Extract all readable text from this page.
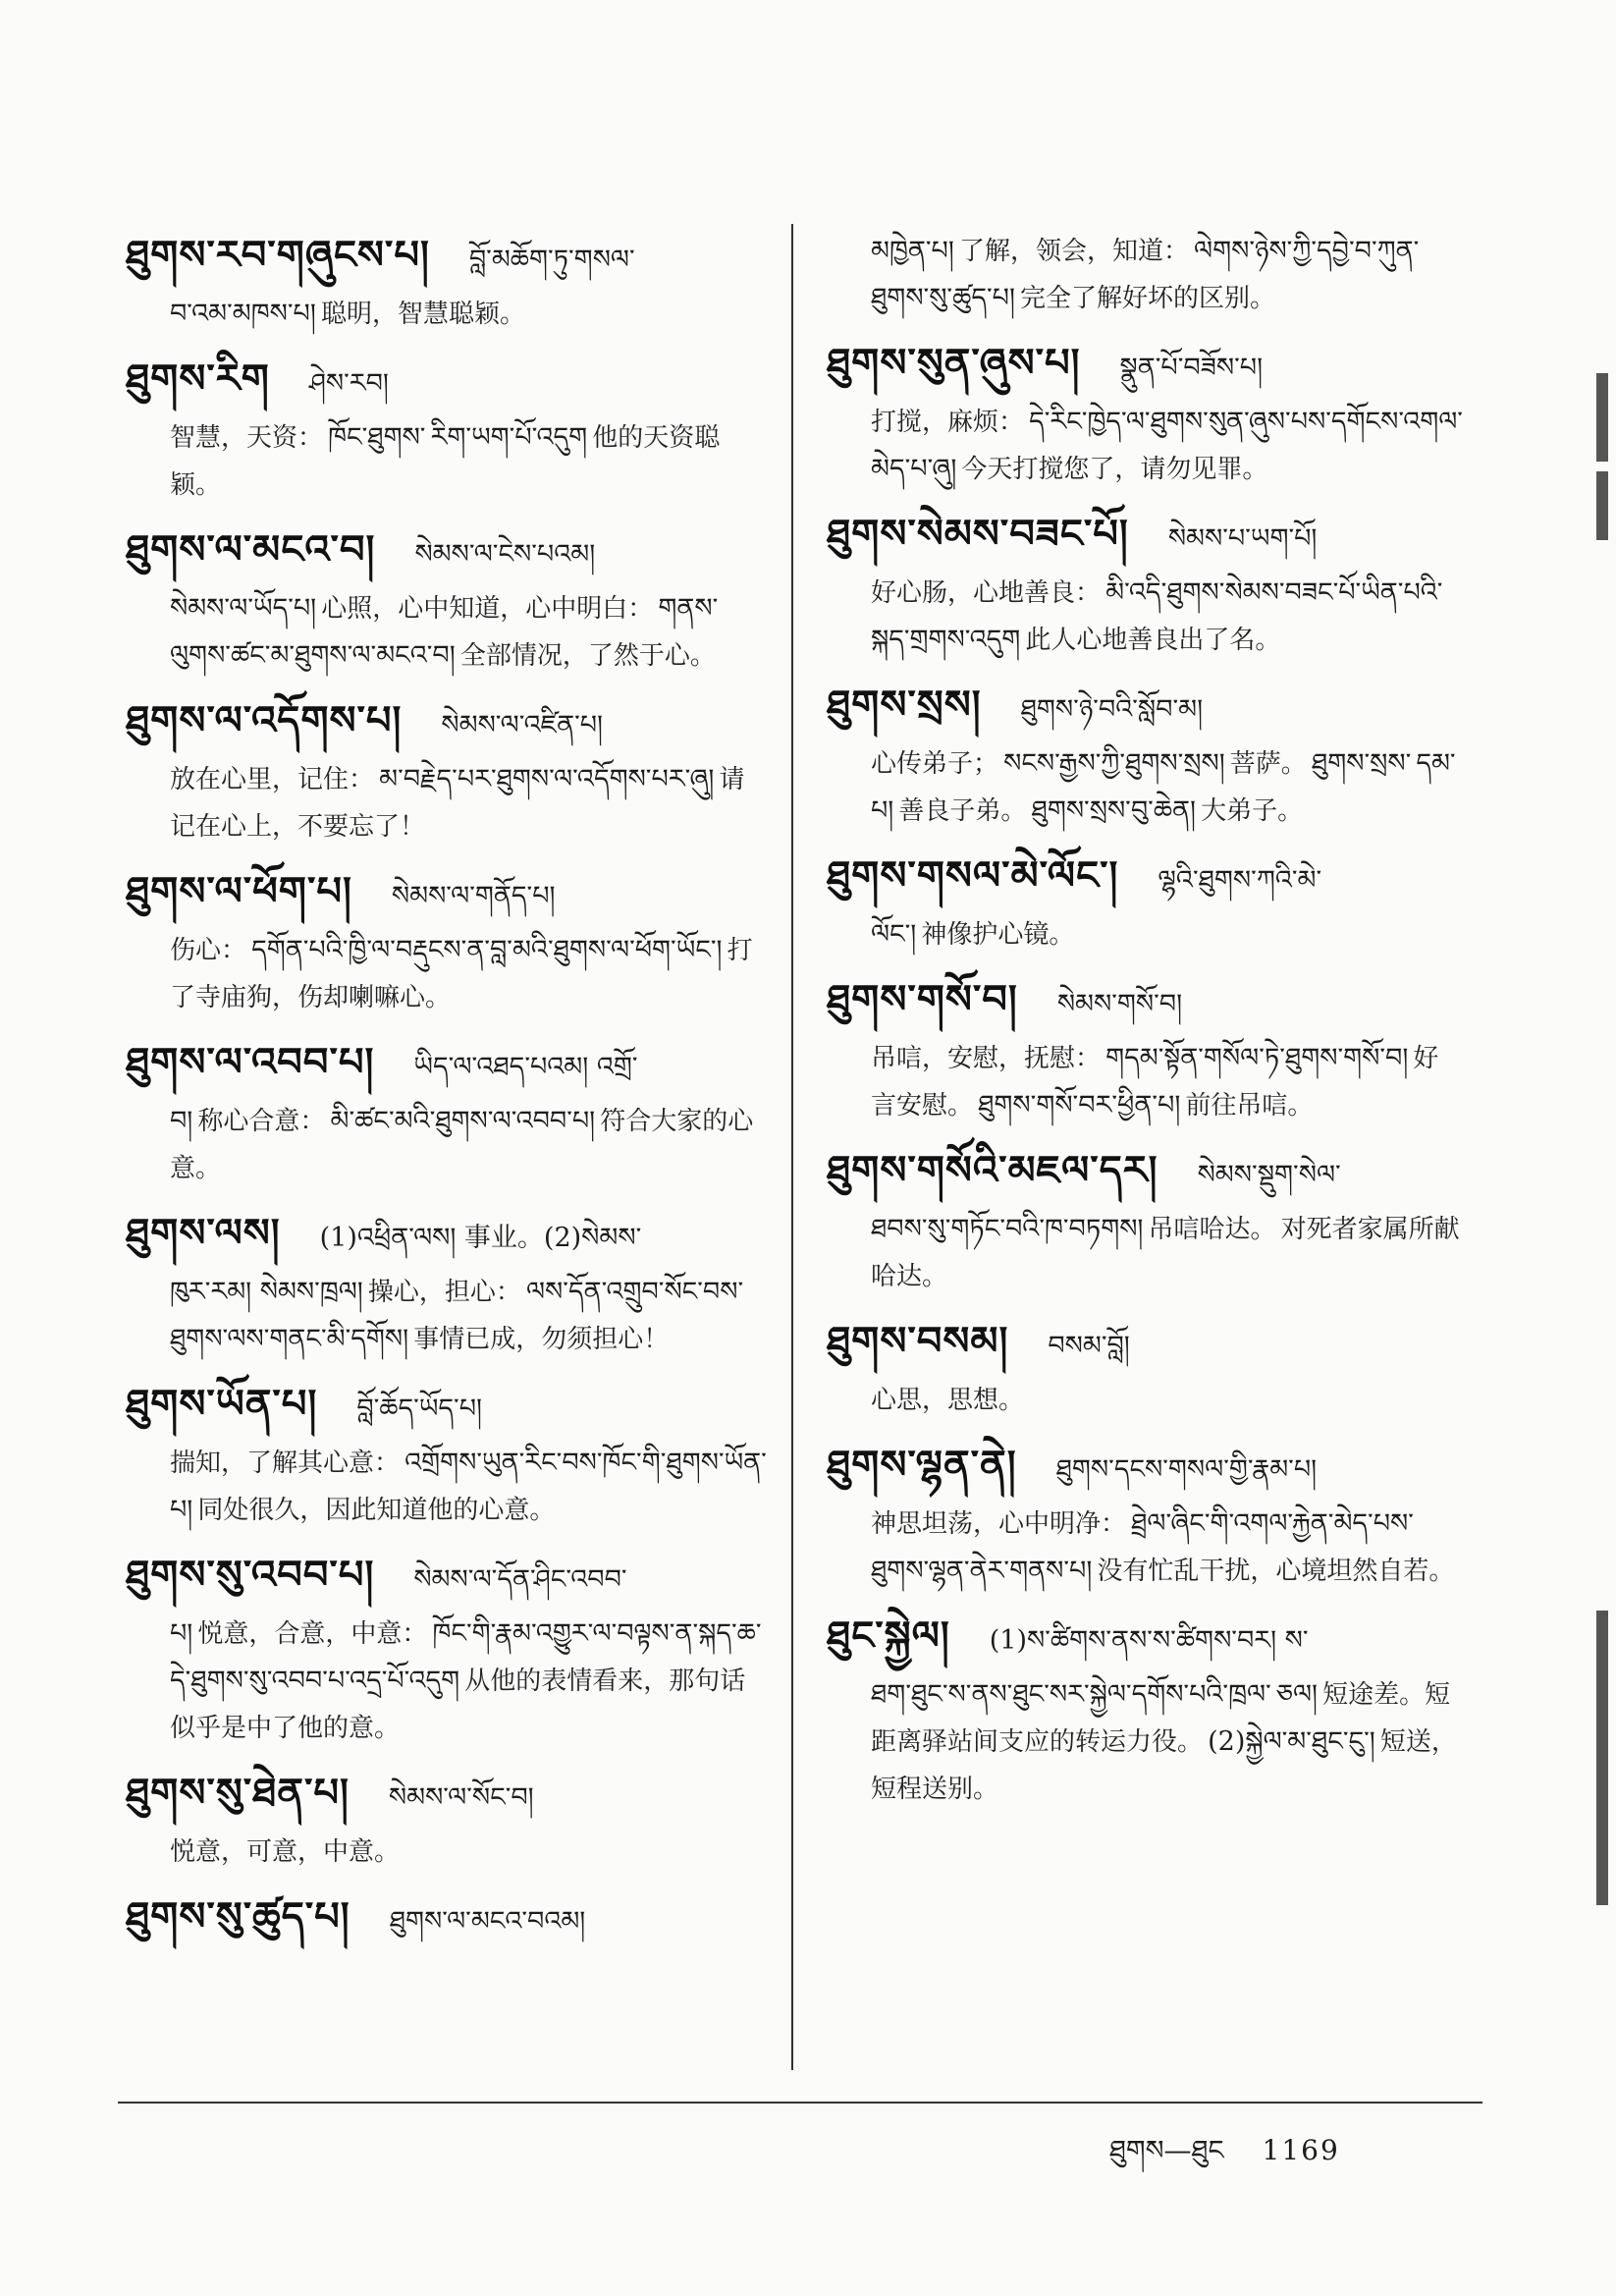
ཐུགས་རབ་གཞུངས་པ། བློ་མཆོག་ཏུ་གསལ་
བ་འམ་མཁས་པ། 聪明，智慧聪颖。
ཐུགས་རིག ཤེས་རབ།
智慧，天资： ཁོང་ཐུགས་ རིག་ཡག་པོ་འདུག 他的天资聪颖。
ཐུགས་ལ་མངའ་བ། སེམས་ལ་ངེས་པའམ།
སེམས་ལ་ཡོད་པ། 心照，心中知道，心中明白： གནས་ལུགས་ཚང་མ་ཐུགས་ལ་མངའ་བ། 全部情况，了然于心。
ཐུགས་ལ་འདོགས་པ། སེམས་ལ་འཛིན་པ།
放在心里，记住： མ་བརྗེད་པར་ཐུགས་ལ་འདོགས་པར་ཞུ། 请记在心上，不要忘了！
ཐུགས་ལ་ཕོག་པ། སེམས་ལ་གནོད་པ།
伤心： དགོན་པའི་ཁྱི་ལ་བརྡུངས་ན་བླ་མའི་ཐུགས་ལ་ཕོག་ཡོང་། 打了寺庙狗，伤却喇嘛心。
ཐུགས་ལ་འབབ་པ། ཡིད་ལ་འཐད་པའམ། འགྲོ་
བ། 称心合意： མི་ཚང་མའི་ཐུགས་ལ་འབབ་པ། 符合大家的心意。
ཐུགས་ལས། (1)འཕྲིན་ལས། 事业。(2)སེམས་
ཁུར་རམ། སེམས་ཁྲལ། 操心，担心： ལས་དོན་འགྲུབ་སོང་བས་ཐུགས་ལས་གནང་མི་དགོས། 事情已成，勿须担心！
ཐུགས་ཡོན་པ། བློ་ཆོད་ཡོད་པ།
揣知，了解其心意： འགྲོགས་ཡུན་རིང་བས་ཁོང་གི་ཐུགས་ཡོན་པ། 同处很久，因此知道他的心意。
ཐུགས་སུ་འབབ་པ། སེམས་ལ་དོན་ཤིང་འབབ་
པ། 悦意，合意，中意： ཁོང་གི་རྣམ་འགྱུར་ལ་བལྟས་ན་སྐད་ཆ་དེ་ཐུགས་སུ་འབབ་པ་འདྲ་པོ་འདུག 从他的表情看来，那句话似乎是中了他的意。
ཐུགས་སུ་ཐེན་པ། སེམས་ལ་སོང་བ།
悦意，可意，中意。
ཐུགས་སུ་ཚུད་པ། ཐུགས་ལ་མངའ་བའམ།
མཁྱེན་པ། 了解，领会，知道： ལེགས་ཉེས་ཀྱི་དབྱེ་བ་ཀུན་ཐུགས་སུ་ཚུད་པ། 完全了解好坏的区别。
ཐུགས་སུན་ཞུས་པ། སྣུན་པོ་བཟོས་པ།
打搅，麻烦： དེ་རིང་ཁྱེད་ལ་ཐུགས་སུན་ཞུས་པས་དགོངས་འགལ་མེད་པ་ཞུ། 今天打搅您了，请勿见罪。
ཐུགས་སེམས་བཟང་པོ། སེམས་པ་ཡག་པོ།
好心肠，心地善良： མི་འདི་ཐུགས་སེམས་བཟང་པོ་ཡིན་པའི་སྐད་གྲགས་འདུག 此人心地善良出了名。
ཐུགས་སྲས། ཐུགས་ཉེ་བའི་སློབ་མ།
心传弟子； སངས་རྒྱས་ཀྱི་ཐུགས་སྲས། 菩萨。 ཐུགས་སྲས་ དམ་པ། 善良子弟。 ཐུགས་སྲས་བུ་ཆེན། 大弟子。
ཐུགས་གསལ་མེ་ལོང་། ལྷའི་ཐུགས་ཀའི་མེ་
ལོང་། 神像护心镜。
ཐུགས་གསོ་བ། སེམས་གསོ་བ།
吊唁，安慰，抚慰： གདམ་སྟོན་གསོལ་ཏེ་ཐུགས་གསོ་བ། 好言安慰。 ཐུགས་གསོ་བར་ཕྱིན་པ། 前往吊唁。
ཐུགས་གསོའི་མཇལ་དར། སེམས་སྡུག་སེལ་
ཐབས་སུ་གཏོང་བའི་ཁ་བཏགས། 吊唁哈达。 对死者家属所献哈达。
ཐུགས་བསམ། བསམ་བློ།
心思，思想。
ཐུགས་ལྷན་ནེ། ཐུགས་དངས་གསལ་གྱི་རྣམ་པ།
神思坦荡，心中明净： ཐྲེལ་ཞིང་གི་འགལ་རྐྱེན་མེད་པས་ཐུགས་ལྷན་ནེར་གནས་པ། 没有忙乱干扰，心境坦然自若。
ཐུང་སྐྱེལ། (1)ས་ཚིགས་ནས་ས་ཚིགས་བར། ས་
ཐག་ཐུང་ས་ནས་ཐུང་སར་སྐྱེལ་དགོས་པའི་ཁྲལ་ ཅལ། 短途差。短距离驿站间支应的转运力役。 (2)སྐྱེལ་མ་ཐུང་ངུ་། 短送，短程送别。
ཐུགས—ཐུང 1169
